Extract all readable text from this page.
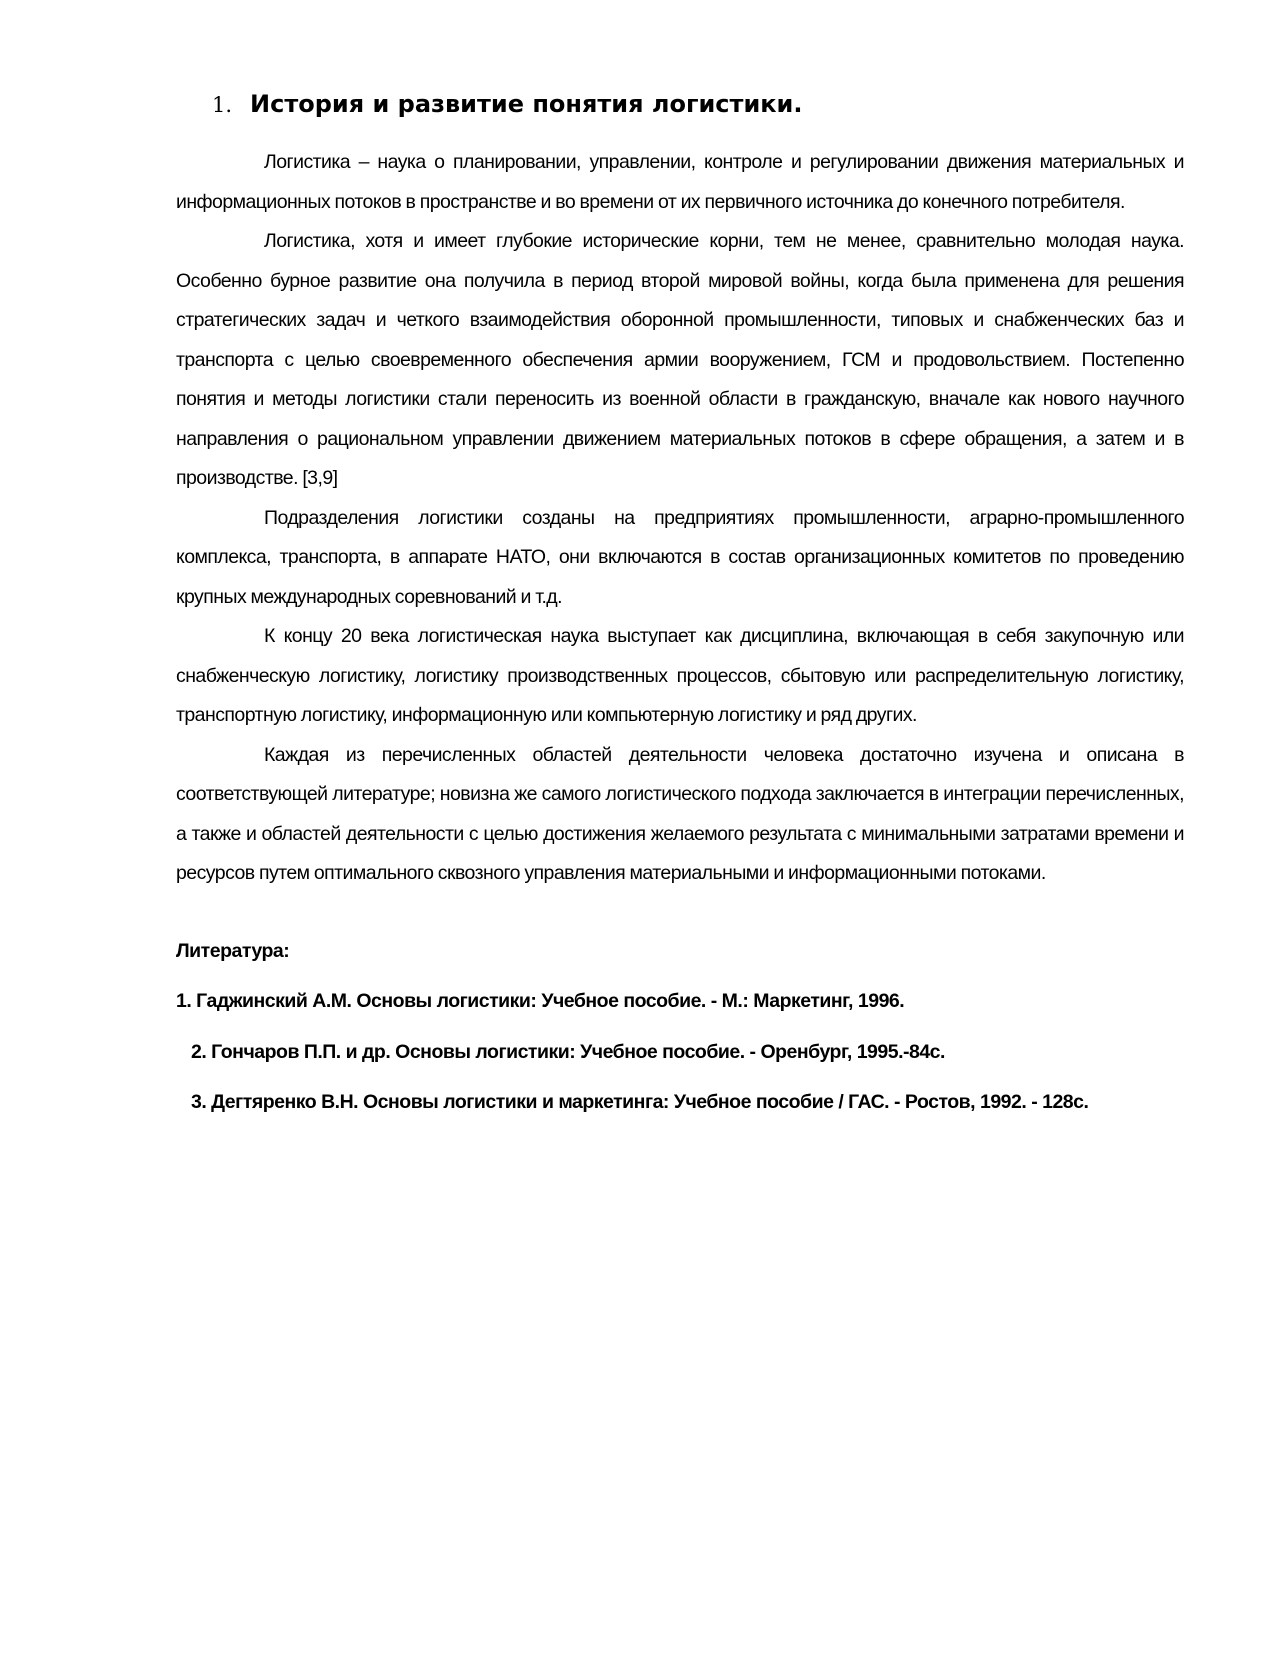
1. История и развитие понятия логистики.

Логистика – наука о планировании, управлении, контроле и регулировании движения материальных и информационных потоков в пространстве и во времени от их первичного источника до конечного потребителя.

Логистика, хотя и имеет глубокие исторические корни, тем не менее, сравнительно молодая наука. Особенно бурное развитие она получила в период второй мировой войны, когда была применена для решения стратегических задач и четкого взаимодействия оборонной промышленности, типовых и снабженческих баз и транспорта с целью своевременного обеспечения армии вооружением, ГСМ и продовольствием. Постепенно понятия и методы логистики стали переносить из военной области в гражданскую, вначале как нового научного направления о рациональном управлении движением материальных потоков в сфере обращения, а затем и в производстве. [3,9]

Подразделения логистики созданы на предприятиях промышленности, аграрно-промышленного комплекса, транспорта, в аппарате НАТО, они включаются в состав организационных комитетов по проведению крупных международных соревнований и т.д.

К концу 20 века логистическая наука выступает как дисциплина, включающая в себя закупочную или снабженческую логистику, логистику производственных процессов, сбытовую или распределительную логистику, транспортную логистику, информационную или компьютерную логистику и ряд других.

Каждая из перечисленных областей деятельности человека достаточно изучена и описана в соответствующей литературе; новизна же самого логистического подхода заключается в интеграции перечисленных, а также и областей деятельности с целью достижения желаемого результата с минимальными затратами времени и ресурсов путем оптимального сквозного управления материальными и информационными потоками.

Литература:
1. Гаджинский А.М. Основы логистики: Учебное пособие. - М.: Маркетинг, 1996.
2. Гончаров П.П. и др. Основы логистики: Учебное пособие. - Оренбург, 1995.-84с.
3. Дегтяренко В.Н. Основы логистики и маркетинга: Учебное пособие / ГАС. - Ростов, 1992. - 128с.
